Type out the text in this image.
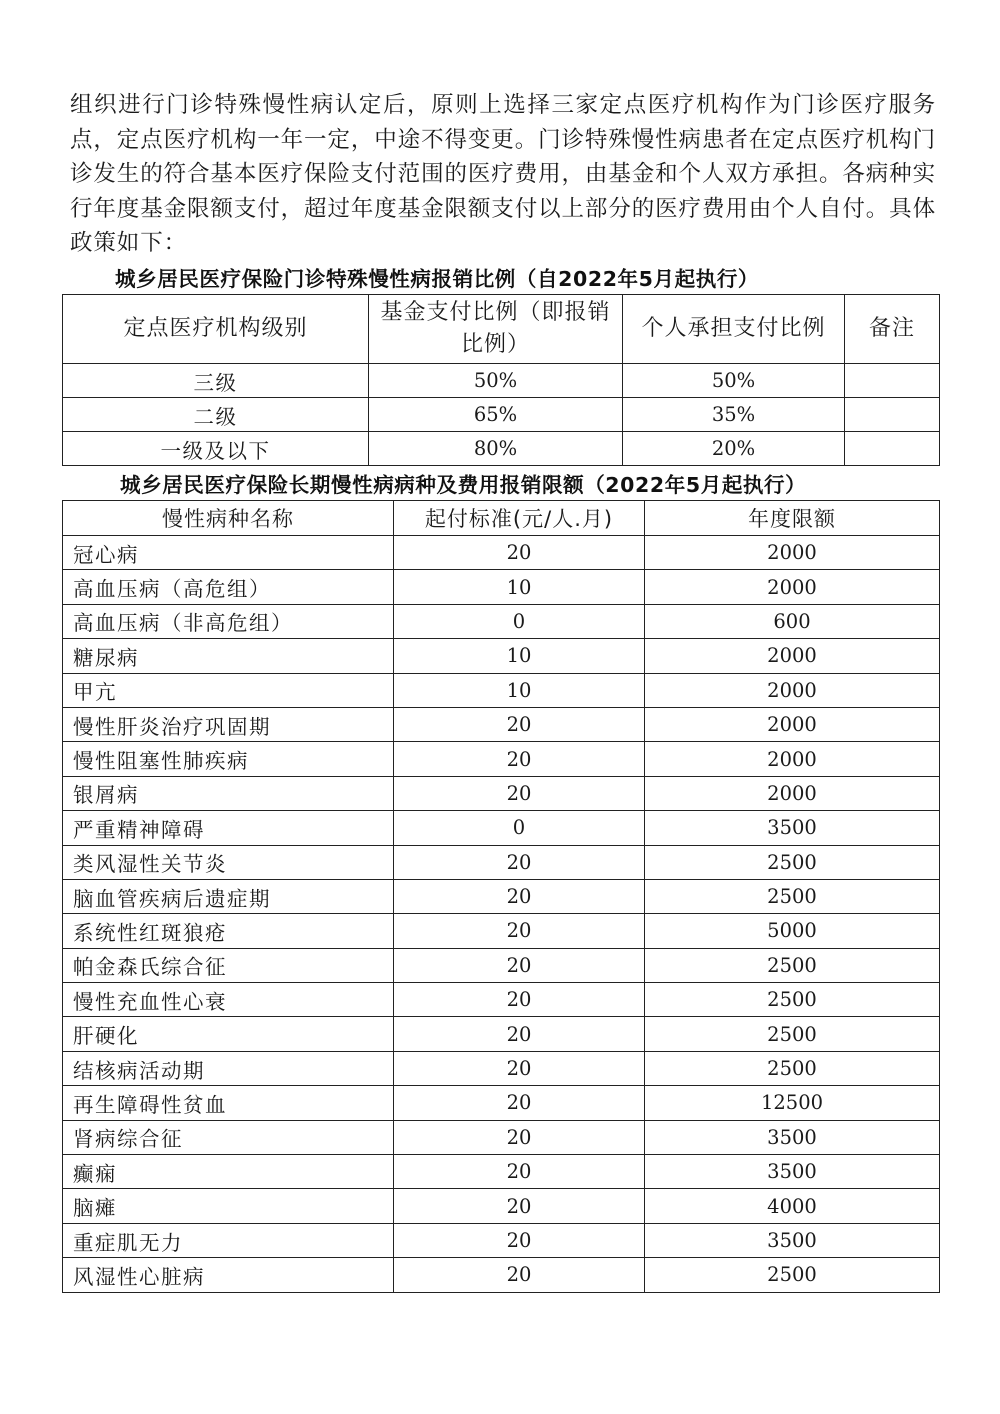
组织进行门诊特殊慢性病认定后，原则上选择三家定点医疗机构作为门诊医疗服务点，定点医疗机构一年一定，中途不得变更。门诊特殊慢性病患者在定点医疗机构门诊发生的符合基本医疗保险支付范围的医疗费用，由基金和个人双方承担。各病种实行年度基金限额支付，超过年度基金限额支付以上部分的医疗费用由个人自付。具体政策如下：

城乡居民医疗保险门诊特殊慢性病报销比例（自2022年5月起执行）
定点医疗机构级别	基金支付比例（即报销比例）	个人承担支付比例	备注
三级	50%	50%	
二级	65%	35%	
一级及以下	80%	20%	
城乡居民医疗保险长期慢性病病种及费用报销限额（2022年5月起执行）
慢性病种名称	起付标准(元/人.月)	年度限额
冠心病	20	2000
高血压病（高危组）	10	2000
高血压病（非高危组）	0	600
糖尿病	10	2000
甲亢	10	2000
慢性肝炎治疗巩固期	20	2000
慢性阻塞性肺疾病	20	2000
银屑病	20	2000
严重精神障碍	0	3500
类风湿性关节炎	20	2500
脑血管疾病后遗症期	20	2500
系统性红斑狼疮	20	5000
帕金森氏综合征	20	2500
慢性充血性心衰	20	2500
肝硬化	20	2500
结核病活动期	20	2500
再生障碍性贫血	20	12500
肾病综合征	20	3500
癫痫	20	3500
脑瘫	20	4000
重症肌无力	20	3500
风湿性心脏病	20	2500
